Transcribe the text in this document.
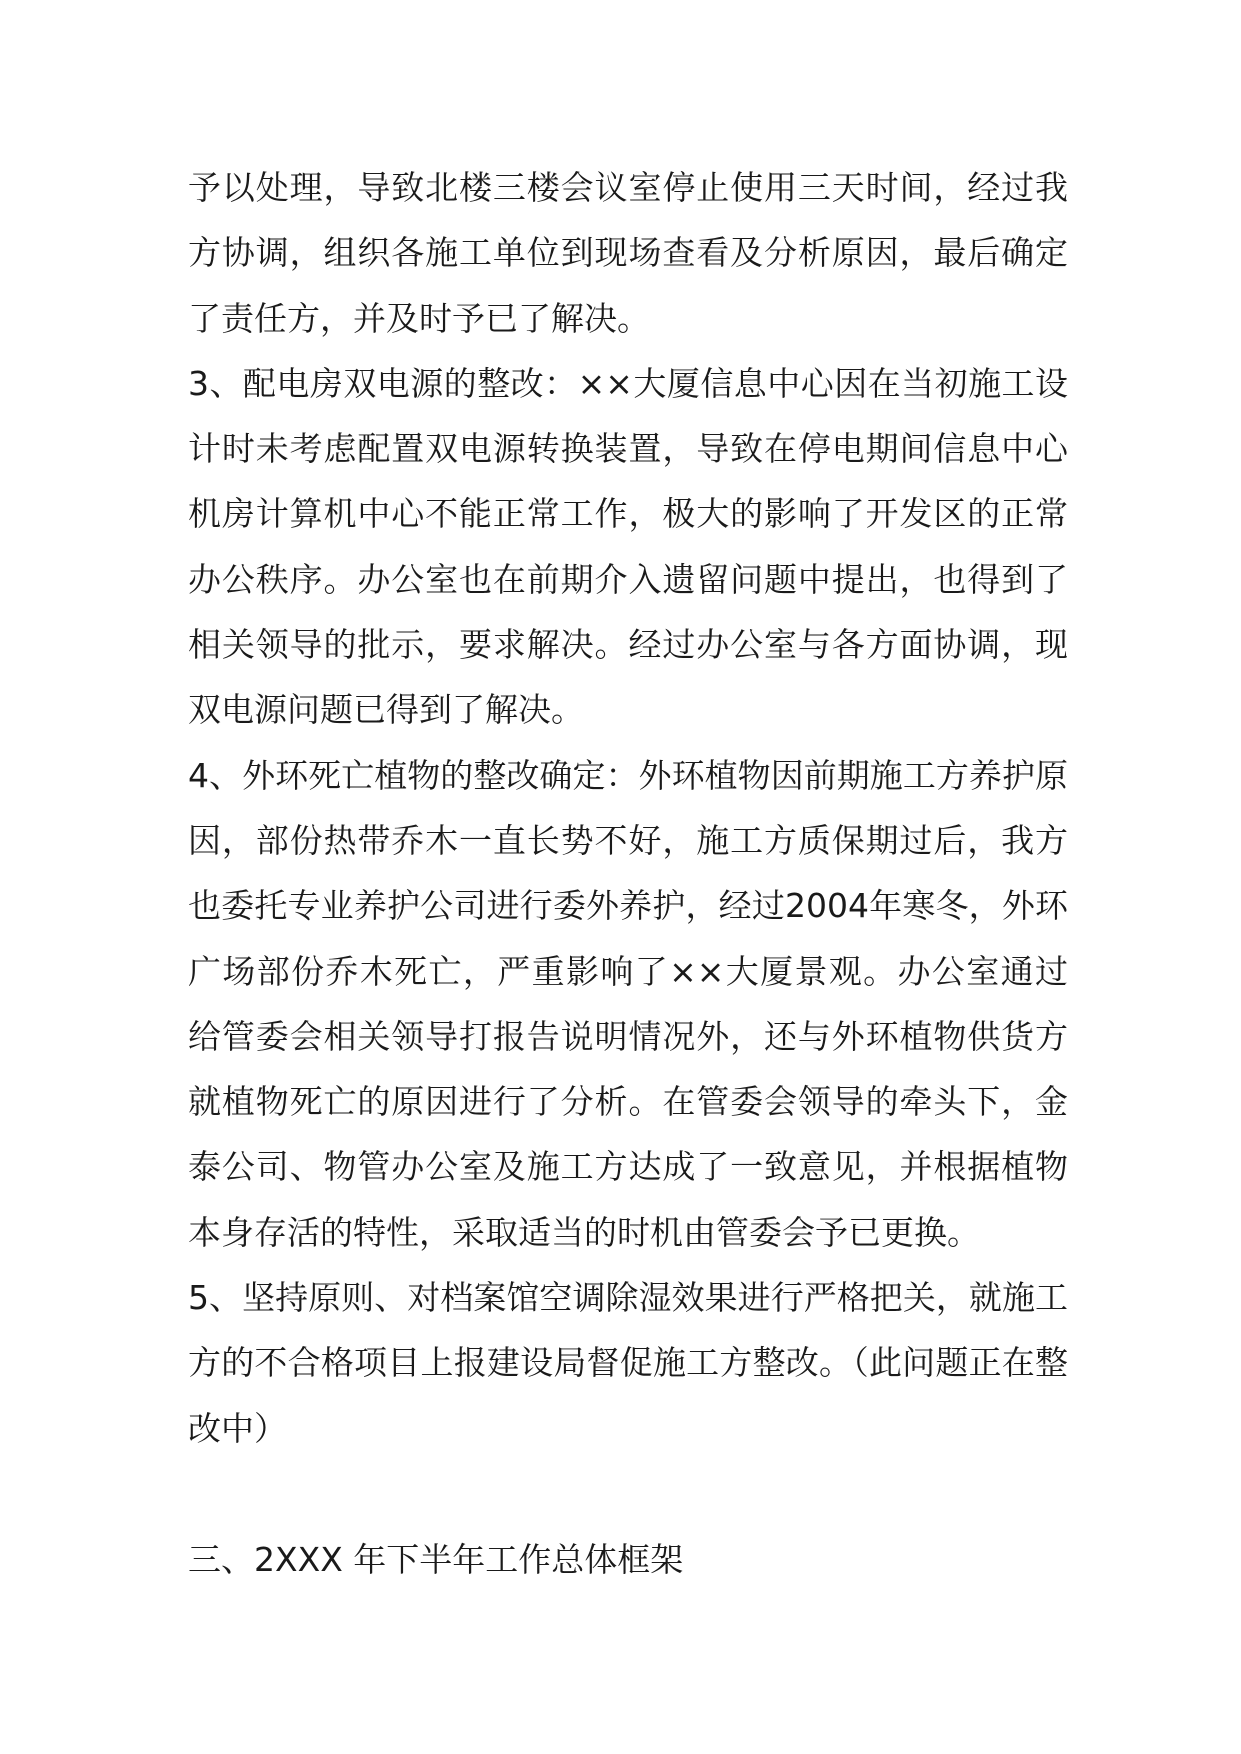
予以处理，导致北楼三楼会议室停止使用三天时间，经过我方协调，组织各施工单位到现场查看及分析原因，最后确定了责任方，并及时予已了解决。

3、配电房双电源的整改：××大厦信息中心因在当初施工设计时未考虑配置双电源转换装置，导致在停电期间信息中心机房计算机中心不能正常工作，极大的影响了开发区的正常办公秩序。办公室也在前期介入遗留问题中提出，也得到了相关领导的批示，要求解决。经过办公室与各方面协调，现双电源问题已得到了解决。

4、外环死亡植物的整改确定：外环植物因前期施工方养护原因，部份热带乔木一直长势不好，施工方质保期过后，我方也委托专业养护公司进行委外养护，经过2004年寒冬，外环广场部份乔木死亡，严重影响了××大厦景观。办公室通过给管委会相关领导打报告说明情况外，还与外环植物供货方就植物死亡的原因进行了分析。在管委会领导的牵头下，金泰公司、物管办公室及施工方达成了一致意见，并根据植物本身存活的特性，采取适当的时机由管委会予已更换。

5、坚持原则、对档案馆空调除湿效果进行严格把关，就施工方的不合格项目上报建设局督促施工方整改。（此问题正在整改中）

三、2XXX 年下半年工作总体框架
